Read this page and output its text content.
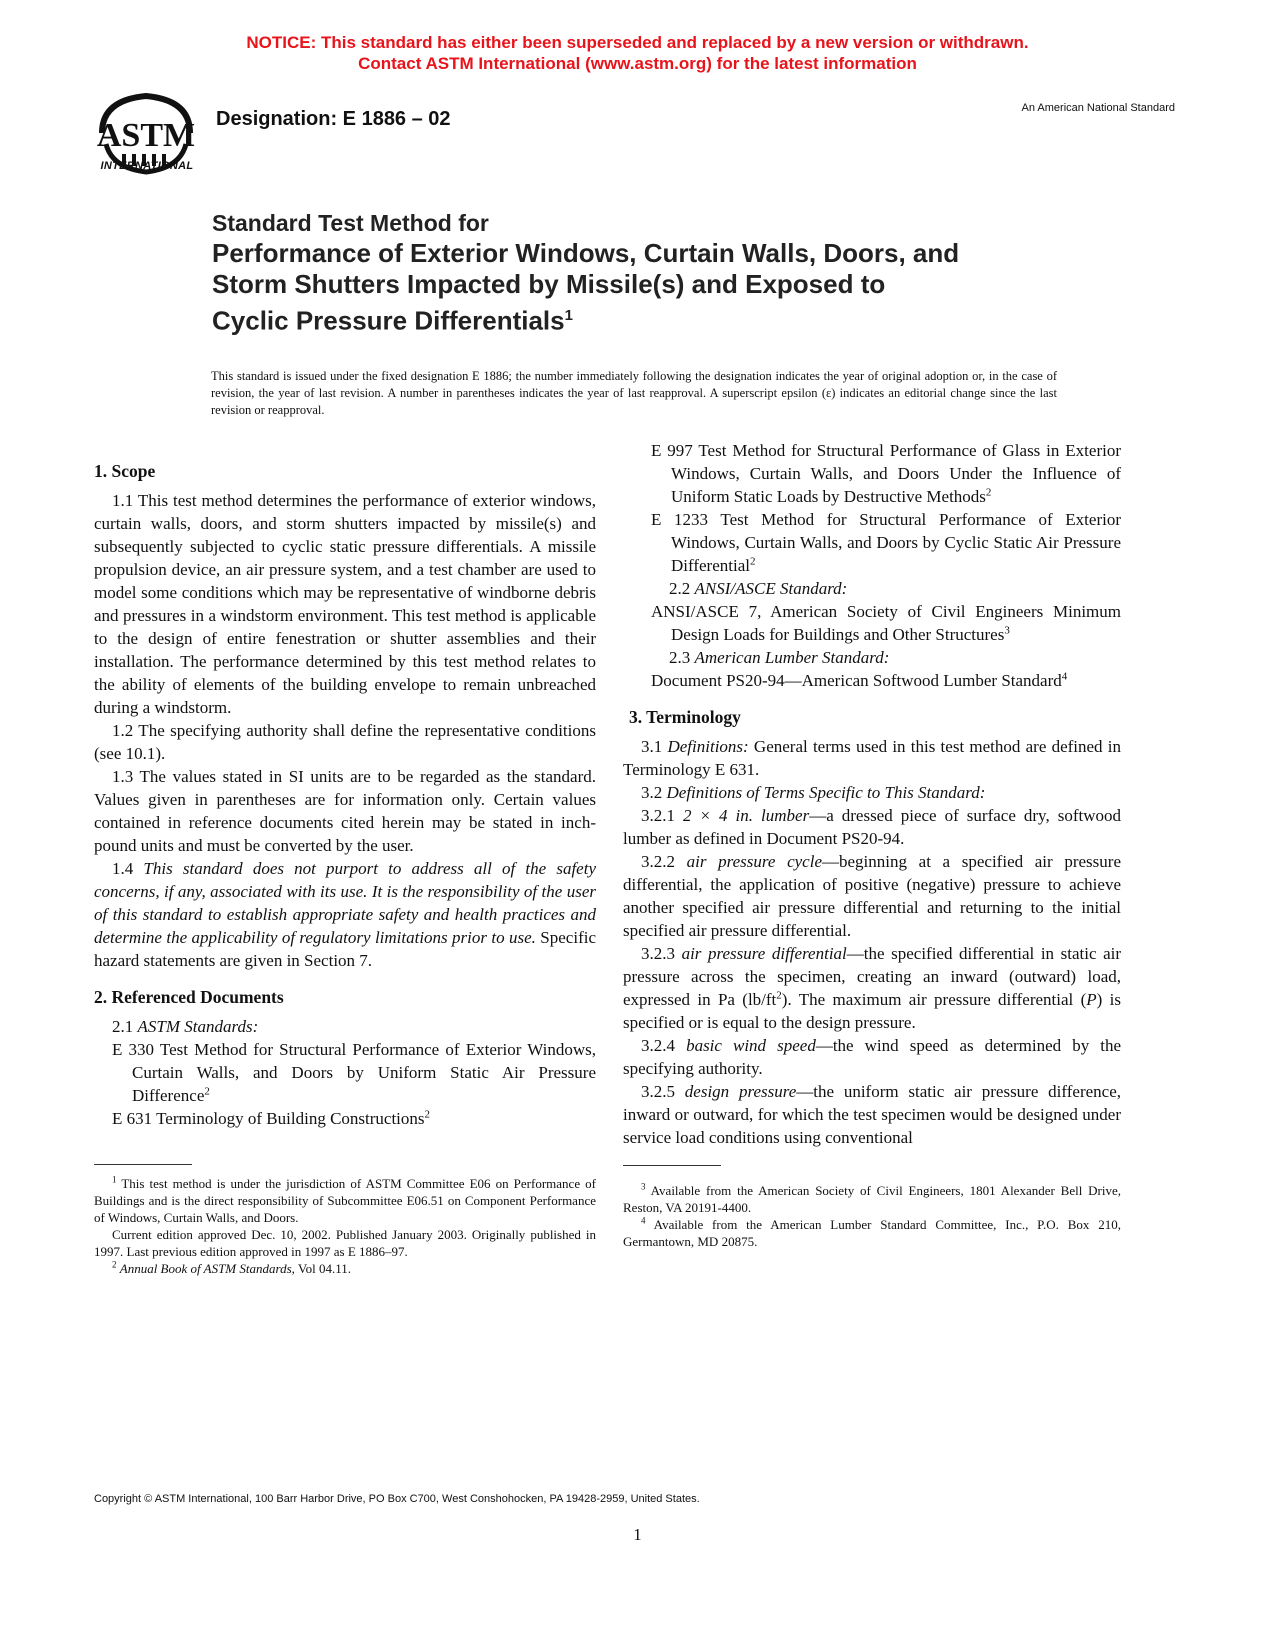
NOTICE: This standard has either been superseded and replaced by a new version or withdrawn.
Contact ASTM International (www.astm.org) for the latest information
ASTM
INTERNATIONAL
Designation: E 1886 – 02	An American National Standard
Standard Test Method for
Performance of Exterior Windows, Curtain Walls, Doors, and
Storm Shutters Impacted by Missile(s) and Exposed to
Cyclic Pressure Differentials$^1$
This standard is issued under the fixed designation E 1886; the number immediately following the designation indicates the year of original adoption or, in the case of revision, the year of last revision. A number in parentheses indicates the year of last reapproval. A superscript epsilon (ε) indicates an editorial change since the last revision or reapproval.
1. Scope

1.1 This test method determines the performance of exterior windows, curtain walls, doors, and storm shutters impacted by missile(s) and subsequently subjected to cyclic static pressure differentials. A missile propulsion device, an air pressure system, and a test chamber are used to model some conditions which may be representative of windborne debris and pressures in a windstorm environment. This test method is applicable to the design of entire fenestration or shutter assemblies and their installation. The performance determined by this test method relates to the ability of elements of the building envelope to remain unbreached during a windstorm.

1.2 The specifying authority shall define the representative conditions (see 10.1).

1.3 The values stated in SI units are to be regarded as the standard. Values given in parentheses are for information only. Certain values contained in reference documents cited herein may be stated in inch-pound units and must be converted by the user.

1.4 This standard does not purport to address all of the safety concerns, if any, associated with its use. It is the responsibility of the user of this standard to establish appropriate safety and health practices and determine the applicability of regulatory limitations prior to use. Specific hazard statements are given in Section 7.

2. Referenced Documents

2.1 ASTM Standards:

E 330 Test Method for Structural Performance of Exterior Windows, Curtain Walls, and Doors by Uniform Static Air Pressure Difference$^2$

E 631 Terminology of Building Constructions$^2$

$^1$ This test method is under the jurisdiction of ASTM Committee E06 on Performance of Buildings and is the direct responsibility of Subcommittee E06.51 on Component Performance of Windows, Curtain Walls, and Doors.

Current edition approved Dec. 10, 2002. Published January 2003. Originally published in 1997. Last previous edition approved in 1997 as E 1886–97.

$^2$ Annual Book of ASTM Standards, Vol 04.11.

E 997 Test Method for Structural Performance of Glass in Exterior Windows, Curtain Walls, and Doors Under the Influence of Uniform Static Loads by Destructive Methods$^2$

E 1233 Test Method for Structural Performance of Exterior Windows, Curtain Walls, and Doors by Cyclic Static Air Pressure Differential$^2$

2.2 ANSI/ASCE Standard:

ANSI/ASCE 7, American Society of Civil Engineers Minimum Design Loads for Buildings and Other Structures$^3$

2.3 American Lumber Standard:

Document PS20-94—American Softwood Lumber Standard$^4$

3. Terminology

3.1 Definitions: General terms used in this test method are defined in Terminology E 631.

3.2 Definitions of Terms Specific to This Standard:

3.2.1 2 × 4 in. lumber—a dressed piece of surface dry, softwood lumber as defined in Document PS20-94.

3.2.2 air pressure cycle—beginning at a specified air pressure differential, the application of positive (negative) pressure to achieve another specified air pressure differential and returning to the initial specified air pressure differential.

3.2.3 air pressure differential—the specified differential in static air pressure across the specimen, creating an inward (outward) load, expressed in Pa $(lb/ft^2)$. The maximum air pressure differential (P) is specified or is equal to the design pressure.

3.2.4 basic wind speed—the wind speed as determined by the specifying authority.

3.2.5 design pressure—the uniform static air pressure difference, inward or outward, for which the test specimen would be designed under service load conditions using conventional

$^3$ Available from the American Society of Civil Engineers, 1801 Alexander Bell Drive, Reston, VA 20191-4400.

$^4$ Available from the American Lumber Standard Committee, Inc., P.O. Box 210, Germantown, MD 20875.

Copyright © ASTM International, 100 Barr Harbor Drive, PO Box C700, West Conshohocken, PA 19428-2959, United States.
1
